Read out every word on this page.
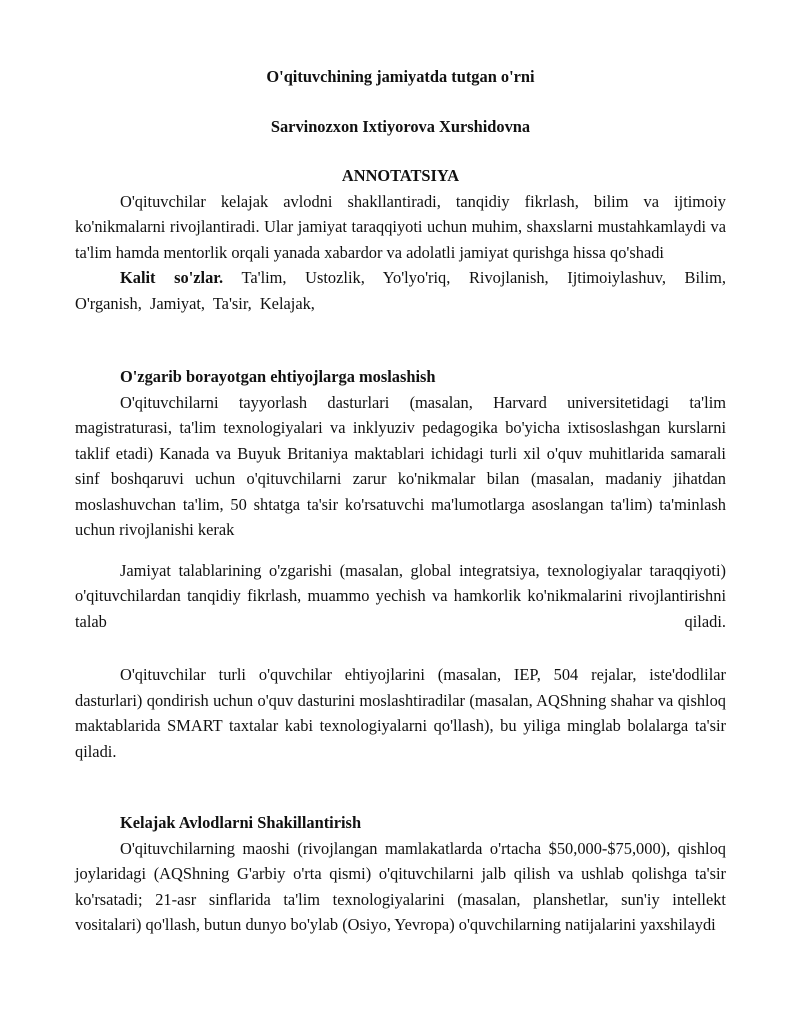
O'qituvchining jamiyatda tutgan o'rni

Sarvinozxon Ixtiyorova Xurshidovna

ANNOTATSIYA

O'qituvchilar kelajak avlodni shakllantiradi, tanqidiy fikrlash, bilim va ijtimoiy ko'nikmalarni rivojlantiradi. Ular jamiyat taraqqiyoti uchun muhim, shaxslarni mustahkamlaydi va ta'lim hamda mentorlik orqali yanada xabardor va adolatli jamiyat qurishga hissa qo'shadi

Kalit so'zlar. Ta'lim, Ustozlik, Yo'lyo'riq, Rivojlanish, Ijtimoiylashuv, Bilim, O'rganish, Jamiyat, Ta'sir, Kelajak,

O'zgarib borayotgan ehtiyojlarga moslashish

O'qituvchilarni tayyorlash dasturlari (masalan, Harvard universitetidagi ta'lim magistraturasi, ta'lim texnologiyalari va inklyuziv pedagogika bo'yicha ixtisoslashgan kurslarni taklif etadi) Kanada va Buyuk Britaniya maktablari ichidagi turli xil o'quv muhitlarida samarali sinf boshqaruvi uchun o'qituvchilarni zarur ko'nikmalar bilan (masalan, madaniy jihatdan moslashuvchan ta'lim, 50 shtatga ta'sir ko'rsatuvchi ma'lumotlarga asoslangan ta'lim) ta'minlash uchun rivojlanishi kerak

Jamiyat talablarining o'zgarishi (masalan, global integratsiya, texnologiyalar taraqqiyoti) o'qituvchilardan tanqidiy fikrlash, muammo yechish va hamkorlik ko'nikmalarini rivojlantirishni talab qiladi.

O'qituvchilar turli o'quvchilar ehtiyojlarini (masalan, IEP, 504 rejalar, iste'dodlilar dasturlari) qondirish uchun o'quv dasturini moslashtiradilar (masalan, AQShning shahar va qishloq maktablarida SMART taxtalar kabi texnologiyalarni qo'llash), bu yiliga minglab bolalarga ta'sir qiladi.

Kelajak Avlodlarni Shakillantirish

O'qituvchilarning maoshi (rivojlangan mamlakatlarda o'rtacha $50,000-$75,000), qishloq joylaridagi (AQShning G'arbiy o'rta qismi) o'qituvchilarni jalb qilish va ushlab qolishga ta'sir ko'rsatadi; 21-asr sinflarida ta'lim texnologiyalarini (masalan, planshetlar, sun'iy intellekt vositalari) qo'llash, butun dunyo bo'ylab (Osiyo, Yevropa) o'quvchilarning natijalarini yaxshilaydi
